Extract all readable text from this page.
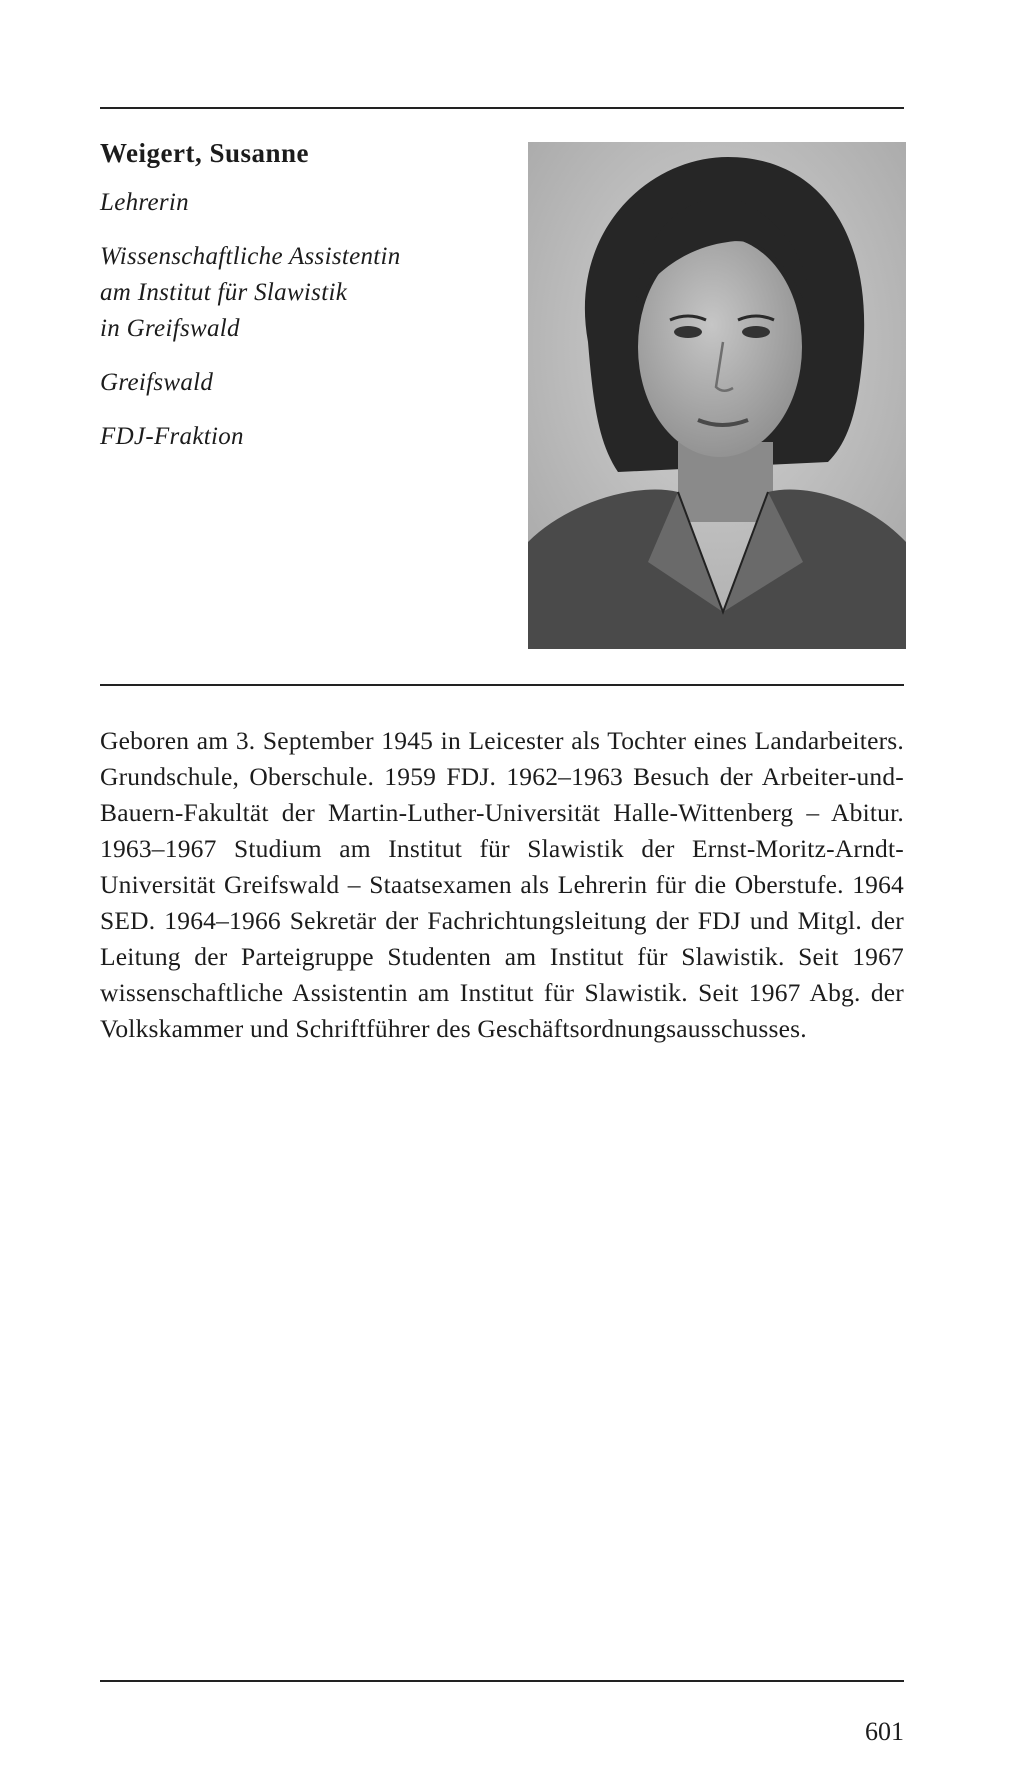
Weigert, Susanne

Lehrerin

Wissenschaftliche Assistentin

am Institut für Slawistik

in Greifswald

Greifswald

FDJ-Fraktion

Geboren am 3. September 1945 in Leicester als Tochter eines Landarbeiters. Grundschule, Oberschule. 1959 FDJ. 1962–1963 Besuch der Arbeiter-und-Bauern-Fakultät der Martin-Luther-Universität Halle-Wittenberg – Abitur. 1963–1967 Studium am Institut für Slawistik der Ernst-Moritz-Arndt-Universität Greifswald – Staatsexamen als Lehrerin für die Oberstufe. 1964 SED. 1964–1966 Sekretär der Fachrichtungsleitung der FDJ und Mitgl. der Leitung der Parteigruppe Studenten am Institut für Slawistik. Seit 1967 wissenschaftliche Assistentin am Institut für Slawistik. Seit 1967 Abg. der Volkskammer und Schriftführer des Geschäftsordnungsausschusses.

601
